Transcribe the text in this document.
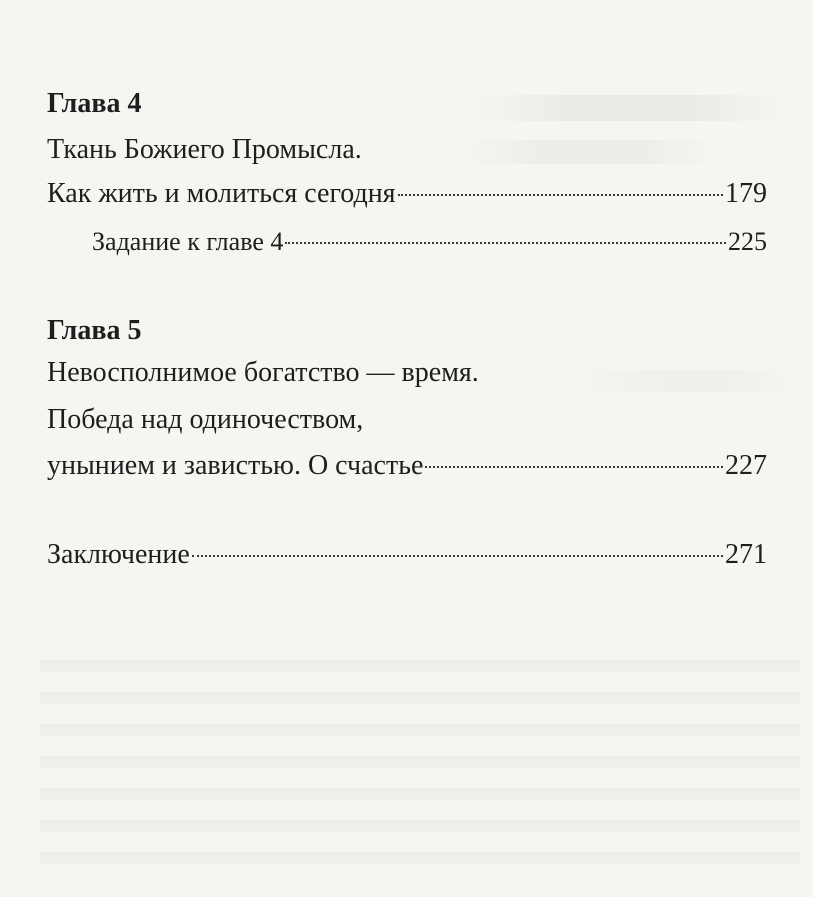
Глава 4
Ткань Божиего Промысла.
Как жить и молиться сегодня	179
Задание к главе 4	225
Глава 5
Невосполнимое богатство — время.
Победа над одиночеством,
унынием и завистью. О счастье	227
Заключение	271
